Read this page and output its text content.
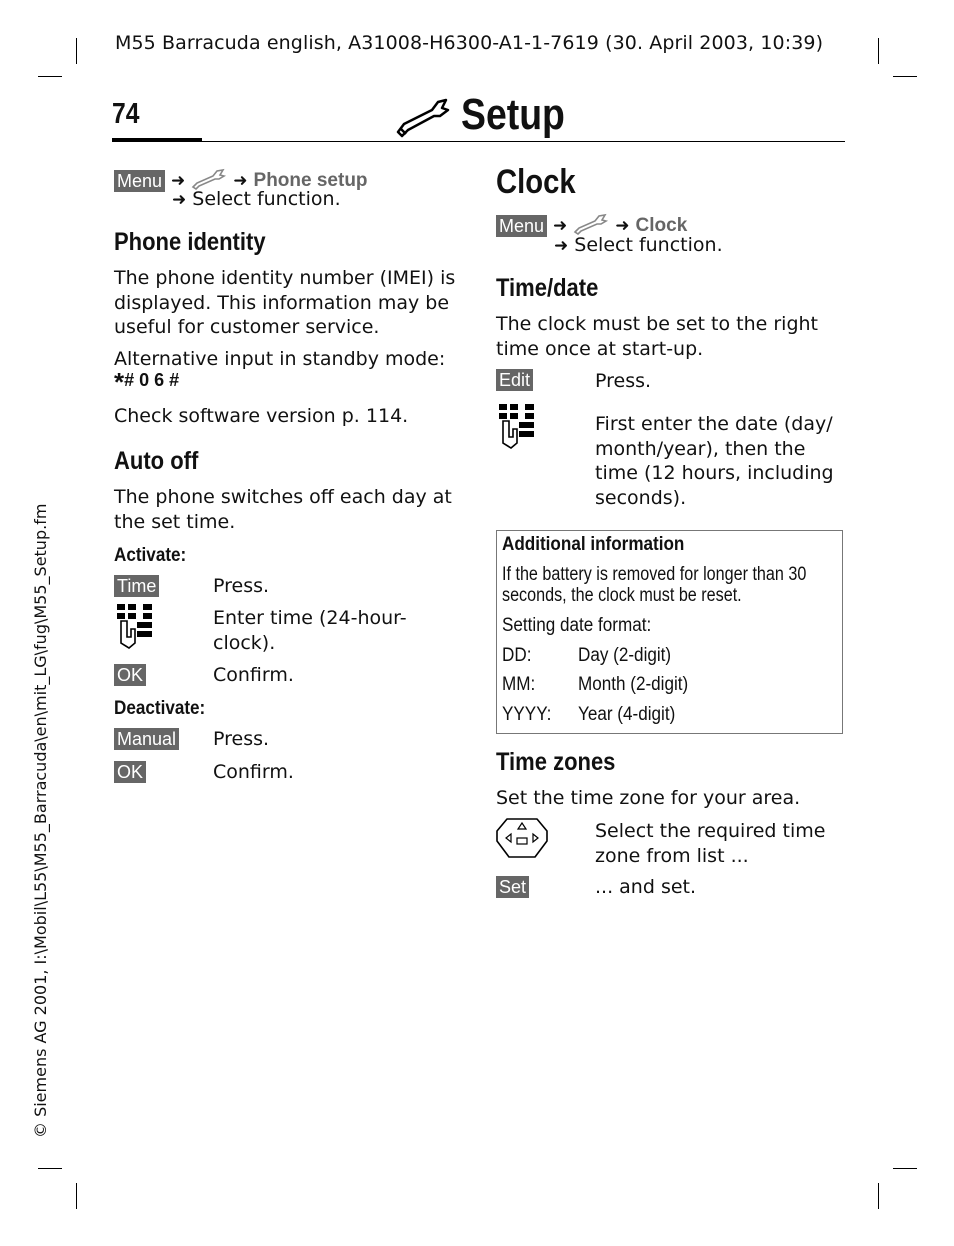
M55 Barracuda english, A31008-H6300-A1-1-7619 (30. April 2003, 10:39)
74	Setup
Menu ➜	➜ Phone setup
➜ Select function.
Phone identity
The phone identity number (IMEI) is displayed. This information may be useful for customer service.
Alternative input in standby mode:
*# 0 6 #
Check software version p. 114.
Auto off
The phone switches off each day at the set time.
Activate:
Time	Press.
Enter time (24-hour-clock).
OK	Confirm.
Deactivate:
Manual Press.
OK	Confirm.
Clock
Menu ➜	➜ Clock
➜ Select function.
Time/date
The clock must be set to the right time once at start-up.
Edit	Press.
First enter the date (day/ month/year), then the time (12 hours, including seconds).
Additional information
If the battery is removed for longer than 30 seconds, the clock must be reset.
Setting date format:
DD: Day (2-digit)
MM: Month (2-digit)
YYYY: Year (4-digit)
Time zones
Set the time zone for your area.
Select the required time zone from list ...
Set	... and set.
© Siemens AG 2001, I:\Mobil\L55\M55_Barracuda\en\mit_LG\fug\M55_Setup.fm
